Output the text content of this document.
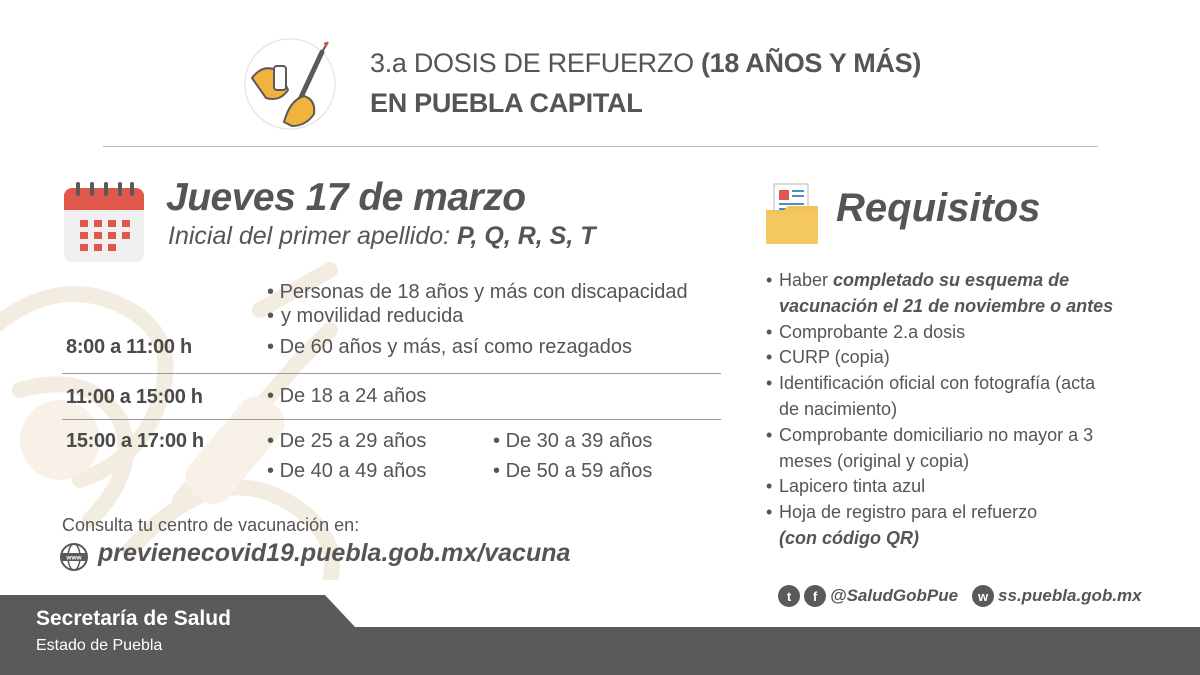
3.a DOSIS DE REFUERZO (18 AÑOS Y MÁS)
EN PUEBLA CAPITAL
Jueves 17 de marzo
Inicial del primer apellido: P, Q, R, S, T
• Personas de 18 años y más con discapacidad
y movilidad reducida
8:00 a 11:00 h	• De 60 años y más, así como rezagados
11:00 a 15:00 h	• De 18 a 24 años
15:00 a 17:00 h	• De 25 a 29 años	• De 30 a 39 años
• De 40 a 49 años	• De 50 a 59 años
Consulta tu centro de vacunación en:
www previenecovid19.puebla.gob.mx/vacuna
Requisitos
• Haber completado su esquema de vacunación el 21 de noviembre o antes
• Comprobante 2.a dosis
• CURP (copia)
• Identificación oficial con fotografía (acta de nacimiento)
• Comprobante domiciliario no mayor a 3 meses (original y copia)
• Lapicero tinta azul
• Hoja de registro para el refuerzo
(con código QR)
t	f @SaludGobPue	w ss.puebla.gob.mx
Secretaría de Salud
Estado de Puebla
